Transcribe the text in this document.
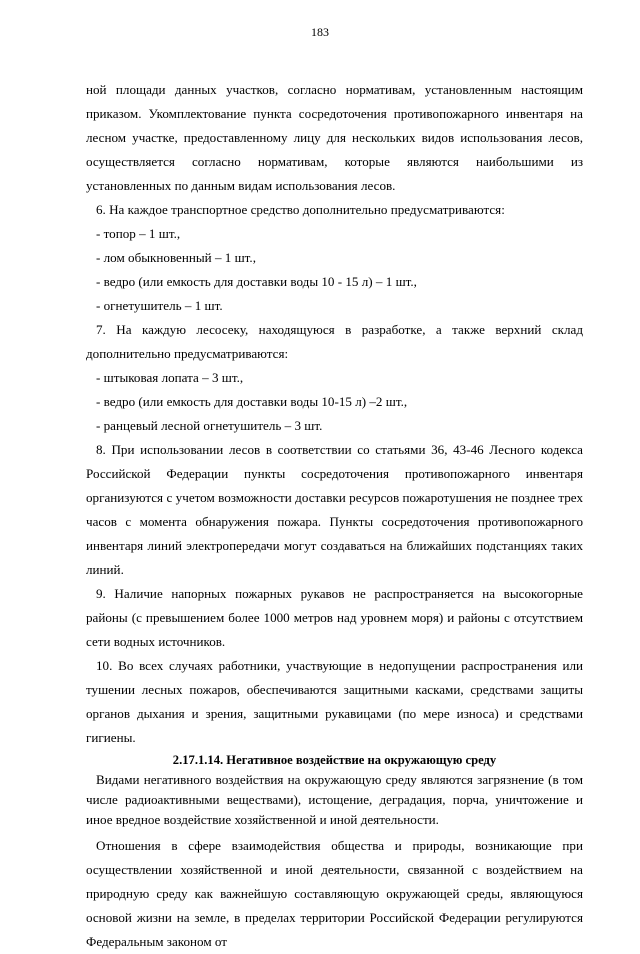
183

ной площади данных участков, согласно нормативам, установленным настоящим приказом. Укомплектование пункта сосредоточения противопожарного инвентаря на лесном участке, предоставленному лицу для нескольких видов использования лесов, осуществляется согласно нормативам, которые являются наибольшими из установленных по данным видам использования лесов.

6. На каждое транспортное средство дополнительно предусматриваются:

- топор – 1 шт.,

- лом обыкновенный – 1 шт.,

- ведро (или емкость для доставки воды 10 - 15 л) – 1 шт.,

- огнетушитель – 1 шт.

7. На каждую лесосеку, находящуюся в разработке, а также верхний склад дополнительно предусматриваются:

- штыковая лопата – 3 шт.,

- ведро (или емкость для доставки воды 10-15 л) –2 шт.,

- ранцевый лесной огнетушитель – 3 шт.

8. При использовании лесов в соответствии со статьями 36, 43-46 Лесного кодекса Российской Федерации пункты сосредоточения противопожарного инвентаря организуются с учетом возможности доставки ресурсов пожаротушения не позднее трех часов с момента обнаружения пожара. Пункты сосредоточения противопожарного инвентаря линий электропередачи могут создаваться на ближайших подстанциях таких линий.

9. Наличие напорных пожарных рукавов не распространяется на высокогорные районы (с превышением более 1000 метров над уровнем моря) и районы с отсутствием сети водных источников.

10. Во всех случаях работники, участвующие в недопущении распространения или тушении лесных пожаров, обеспечиваются защитными касками, средствами защиты органов дыхания и зрения, защитными рукавицами (по мере износа) и средствами гигиены.

2.17.1.14. Негативное воздействие на окружающую среду

Видами негативного воздействия на окружающую среду являются загрязнение (в том числе радиоактивными веществами), истощение, деградация, порча, уничтожение и иное вредное воздействие хозяйственной и иной деятельности.

Отношения в сфере взаимодействия общества и природы, возникающие при осуществлении хозяйственной и иной деятельности, связанной с воздействием на природную среду как важнейшую составляющую окружающей среды, являющуюся основой жизни на земле, в пределах территории Российской Федерации регулируются Федеральным законом от
